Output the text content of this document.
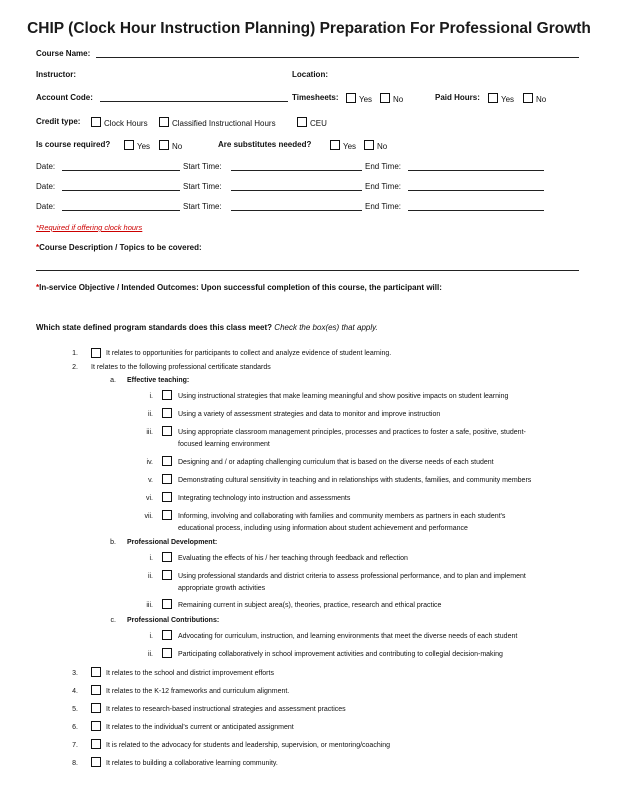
CHIP (Clock Hour Instruction Planning) Preparation For Professional Growth
Course Name:
Instructor:	Location:
Account Code:	Timesheets:	Yes	No	Paid Hours:	Yes	No
Credit type:	Clock Hours	Classified Instructional Hours	CEU
Is course required?	Yes	No	Are substitutes needed?	Yes	No
Date:	Start Time:	End Time:
Date:	Start Time:	End Time:
Date:	Start Time:	End Time:
*Required if offering clock hours
*Course Description / Topics to be covered:
*In-service Objective / Intended Outcomes: Upon successful completion of this course, the participant will:
Which state defined program standards does this class meet? Check the box(es) that apply.
1.	It relates to opportunities for participants to collect and analyze evidence of student learning.
2. It relates to the following professional certificate standards
a. Effective teaching:
i.	Using instructional strategies that make learning meaningful and show positive impacts on student learning
ii.	Using a variety of assessment strategies and data to monitor and improve instruction
iii.	Using appropriate classroom management principles, processes and practices to foster a safe, positive, student-
focused learning environment
iv.	Designing and / or adapting challenging curriculum that is based on the diverse needs of each student
v.	Demonstrating cultural sensitivity in teaching and in relationships with students, families, and community members
vi.	Integrating technology into instruction and assessments
vii.	Informing, involving and collaborating with families and community members as partners in each student's
educational process, including using information about student achievement and performance
b. Professional Development:
i.	Evaluating the effects of his / her teaching through feedback and reflection
ii.	Using professional standards and district criteria to assess professional performance, and to plan and implement
appropriate growth activities
iii.	Remaining current in subject area(s), theories, practice, research and ethical practice
c. Professional Contributions:
i.	Advocating for curriculum, instruction, and learning environments that meet the diverse needs of each student
ii.	Participating collaboratively in school improvement activities and contributing to collegial decision-making
3.	It relates to the school and district improvement efforts
4.	It relates to the K-12 frameworks and curriculum alignment.
5.	It relates to research-based instructional strategies and assessment practices
6.	It relates to the individual's current or anticipated assignment
7.	It is related to the advocacy for students and leadership, supervision, or mentoring/coaching
8.	It relates to building a collaborative learning community.
